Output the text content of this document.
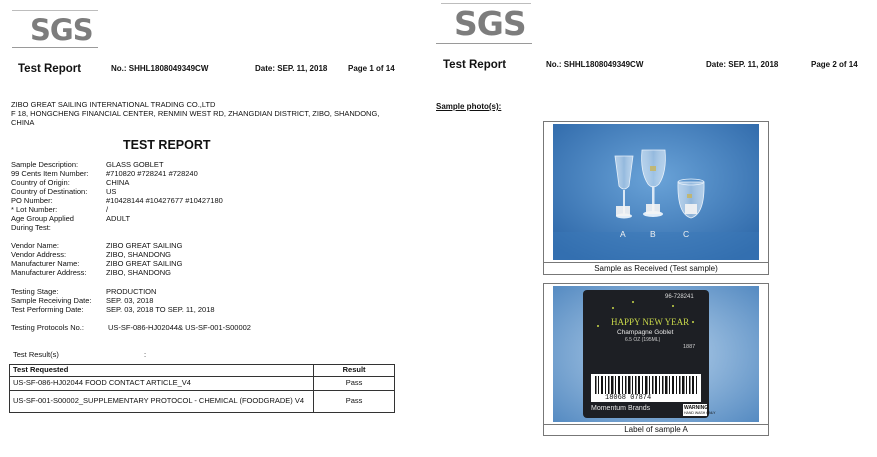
SGS
Test Report	No.: SHHL1808049349CW	Date: SEP. 11, 2018	Page 1 of 14
ZIBO GREAT SAILING INTERNATIONAL TRADING CO.,LTD
F 18, HONGCHENG FINANCIAL CENTER, RENMIN WEST RD, ZHANGDIAN DISTRICT, ZIBO, SHANDONG,
CHINA
TEST REPORT
Sample Description:	GLASS GOBLET
99 Cents Item Number: #710820 #728241 #728240
Country of Origin:	CHINA
Country of Destination: US
PO Number:	#10428144 #10427677 #10427180
* Lot Number:	/
Age Group Applied	ADULT
During Test:
Vendor Name:	ZIBO GREAT SAILING
Vendor Address:	ZIBO, SHANDONG
Manufacturer Name:	ZIBO GREAT SAILING
Manufacturer Address:	ZIBO, SHANDONG
Testing Stage:	PRODUCTION
Sample Receiving Date: SEP. 03, 2018
Test Performing Date:	SEP. 03, 2018 TO SEP. 11, 2018
Testing Protocols No.:	US-SF-086-HJ02044& US-SF-001-S00002
Test Result(s)	:
Test Requested	Result
US-SF-086-HJ02044 FOOD CONTACT ARTICLE_V4	Pass
US-SF-001-S00002_SUPPLEMENTARY PROTOCOL - CHEMICAL (FOODGRADE) V4	Pass
SGS
Test Report	No.: SHHL1808049349CW	Date: SEP. 11, 2018	Page 2 of 14
Sample photo(s):
A	B	C
Sample as Received (Test sample)
96-728241
HAPPY NEW YEAR
Champagne Goblet
6.5 OZ (195ML)
1887
18068 07874
Momentum Brands	WARNING
HAND WASH ONLY
Label of sample A
